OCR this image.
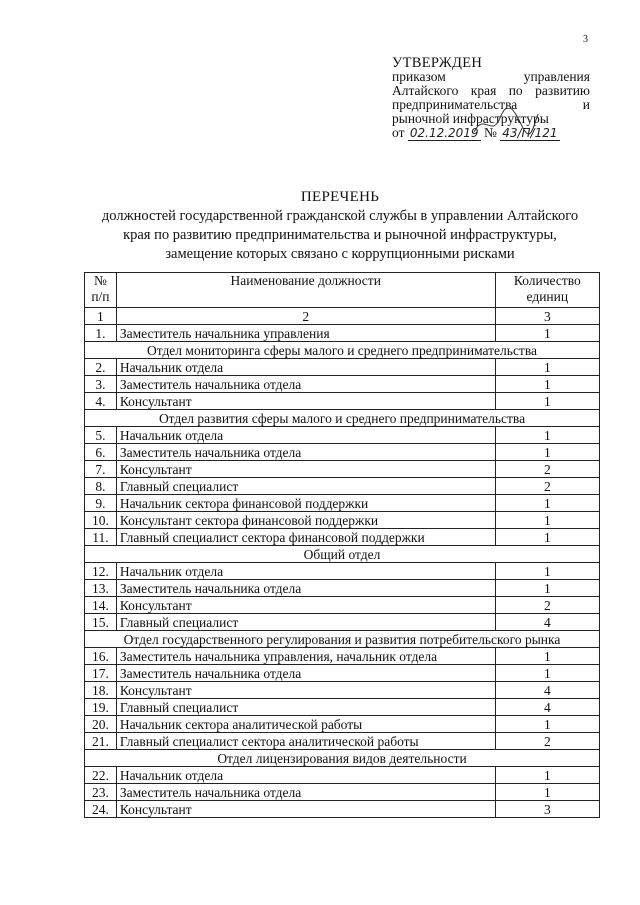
3
УТВЕРЖДЕН
приказом управления
Алтайского края по развитию
предпринимательства и
рыночной инфраструктуры
от 02.12.2019 № 43/П/121
ПЕРЕЧЕНЬ
должностей государственной гражданской службы в управлении Алтайского
края по развитию предпринимательства и рыночной инфраструктуры,
замещение которых связано с коррупционными рисками
№ п/п	Наименование должности	Количество единиц
1	2	3
1.	Заместитель начальника управления	1
Отдел мониторинга сферы малого и среднего предпринимательства		
2.	Начальник отдела	1
3.	Заместитель начальника отдела	1
4.	Консультант	1
Отдел развития сферы малого и среднего предпринимательства		
5.	Начальник отдела	1
6.	Заместитель начальника отдела	1
7.	Консультант	2
8.	Главный специалист	2
9.	Начальник сектора финансовой поддержки	1
10.	Консультант сектора финансовой поддержки	1
11.	Главный специалист сектора финансовой поддержки	1
Общий отдел		
12.	Начальник отдела	1
13.	Заместитель начальника отдела	1
14.	Консультант	2
15.	Главный специалист	4
Отдел государственного регулирования и развития потребительского рынка		
16.	Заместитель начальника управления, начальник отдела	1
17.	Заместитель начальника отдела	1
18.	Консультант	4
19.	Главный специалист	4
20.	Начальник сектора аналитической работы	1
21.	Главный специалист сектора аналитической работы	2
Отдел лицензирования видов деятельности		
22.	Начальник отдела	1
23.	Заместитель начальника отдела	1
24.	Консультант	3
